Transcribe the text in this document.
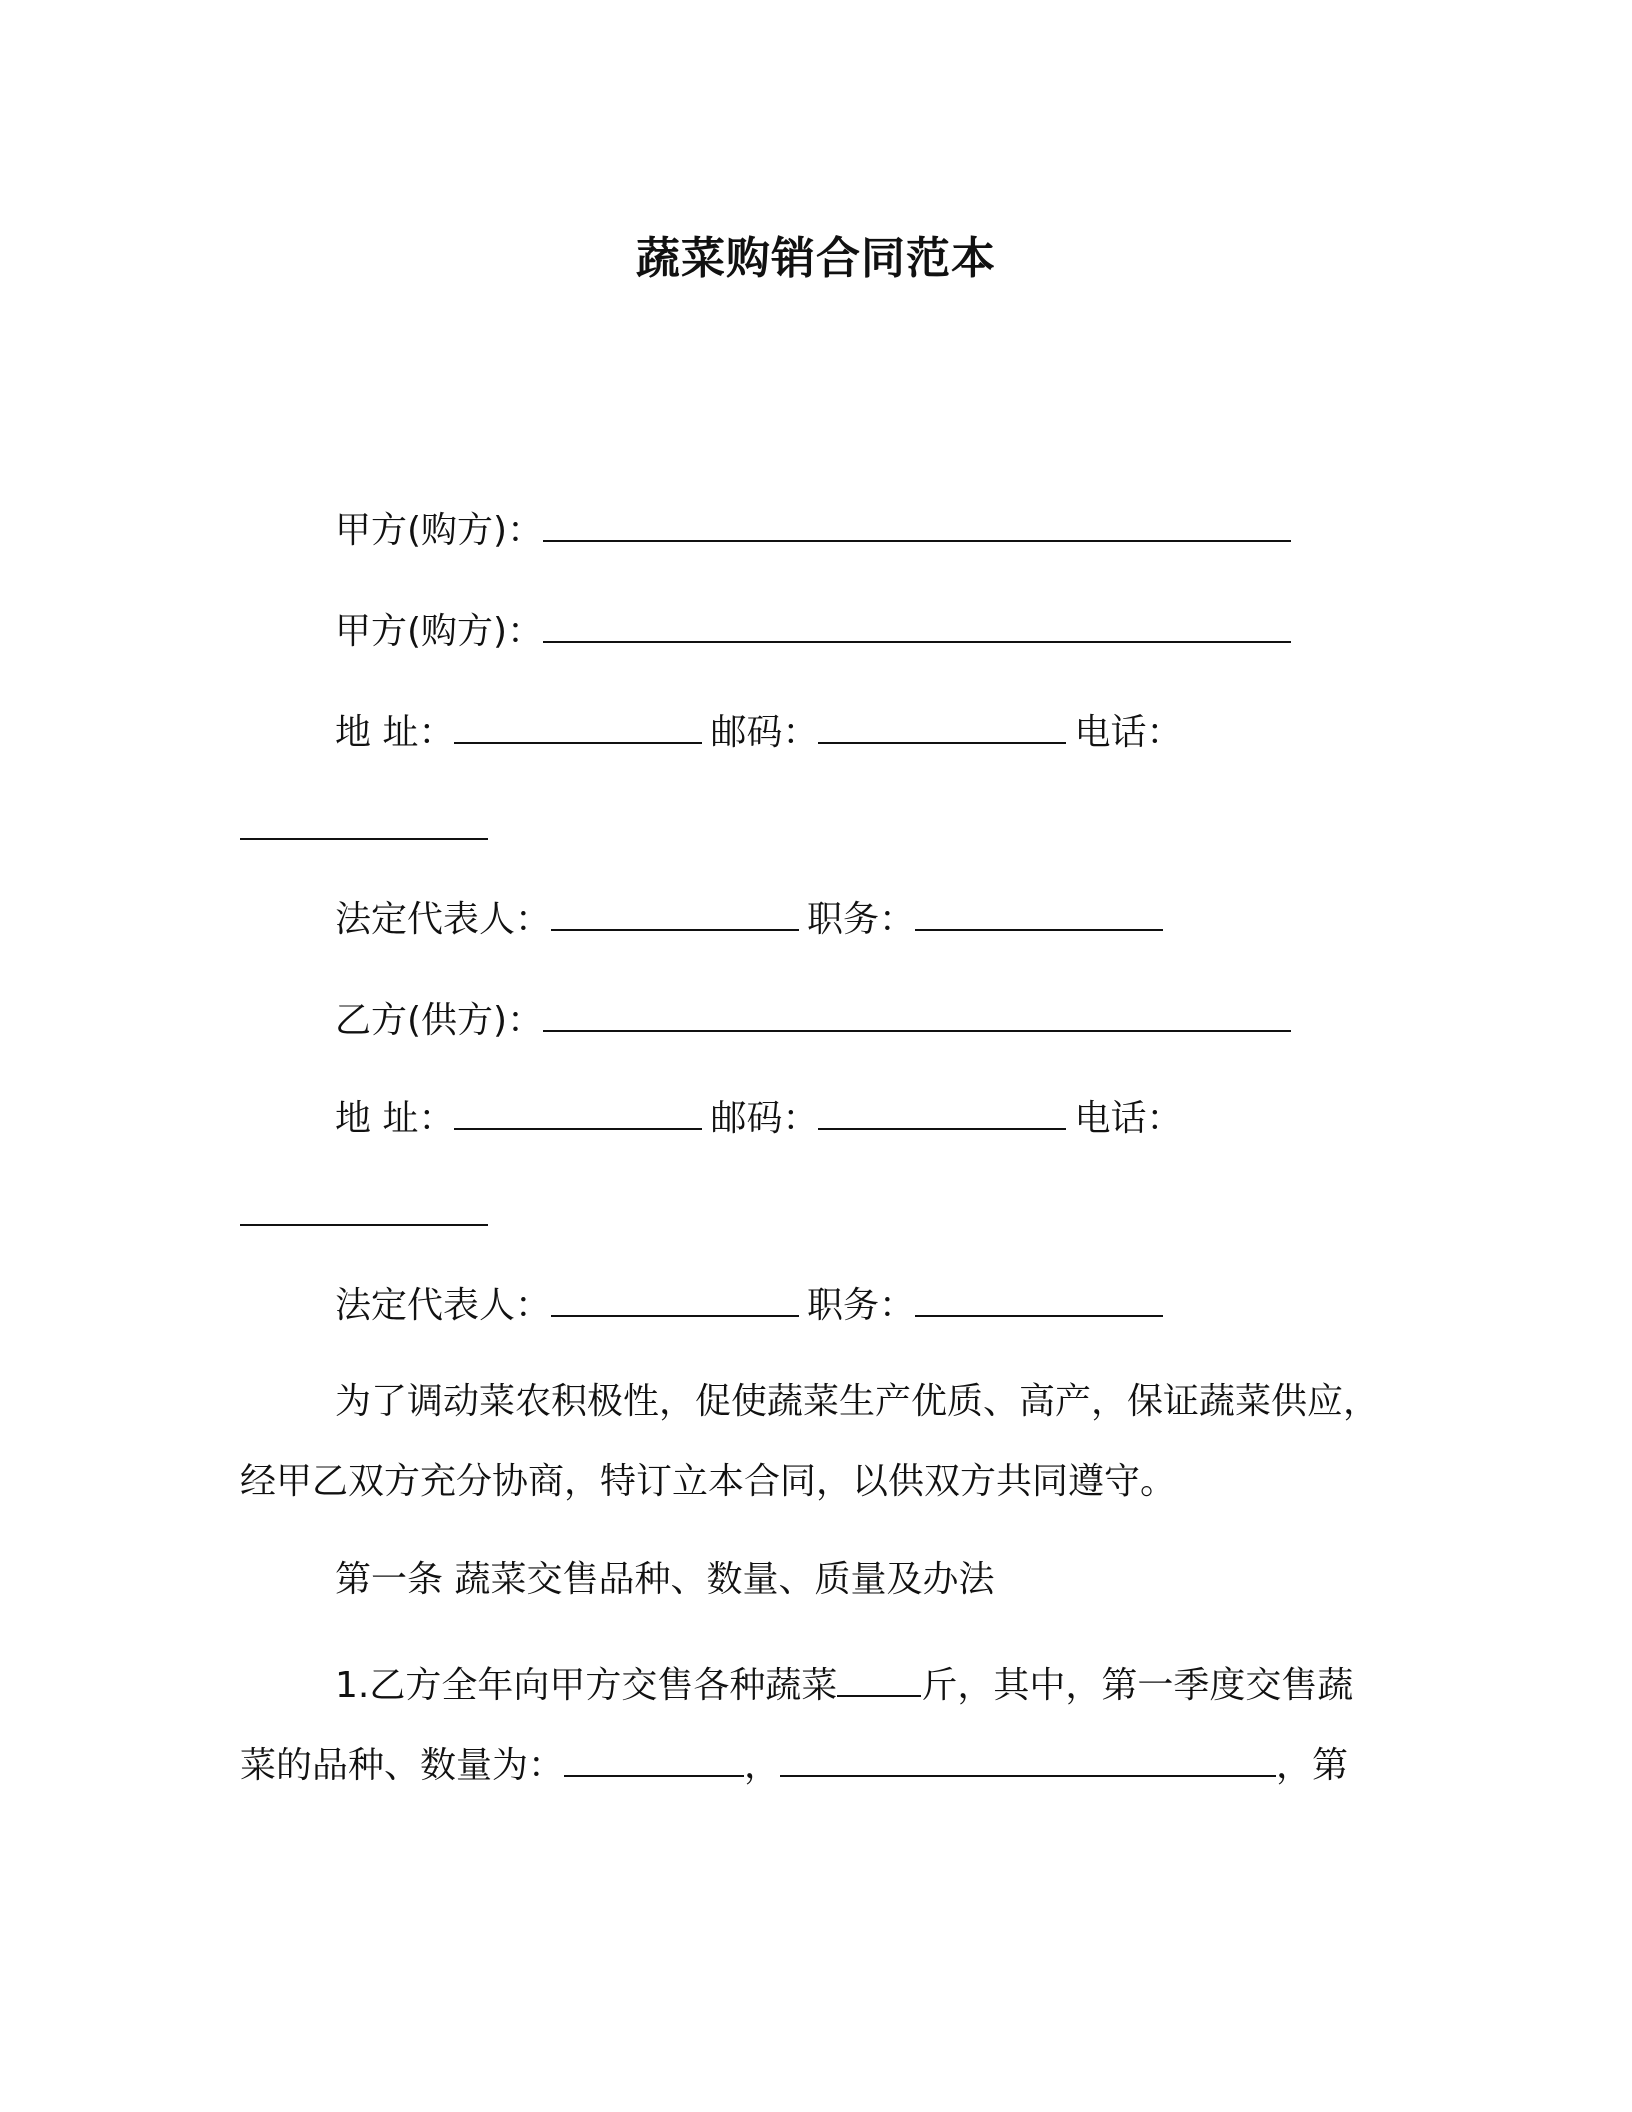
蔬菜购销合同范本
甲方(购方)：
甲方(购方)：
地 址：	邮码：	电话：
法定代表人：	职务：
乙方(供方)：
地 址：	邮码：	电话：
法定代表人：	职务：
为了调动菜农积极性，促使蔬菜生产优质、高产，保证蔬菜供应，
经甲乙双方充分协商，特订立本合同，以供双方共同遵守。
第一条 蔬菜交售品种、数量、质量及办法
1.乙方全年向甲方交售各种蔬菜 斤，其中，第一季度交售蔬
菜的品种、数量为：	，	，第
